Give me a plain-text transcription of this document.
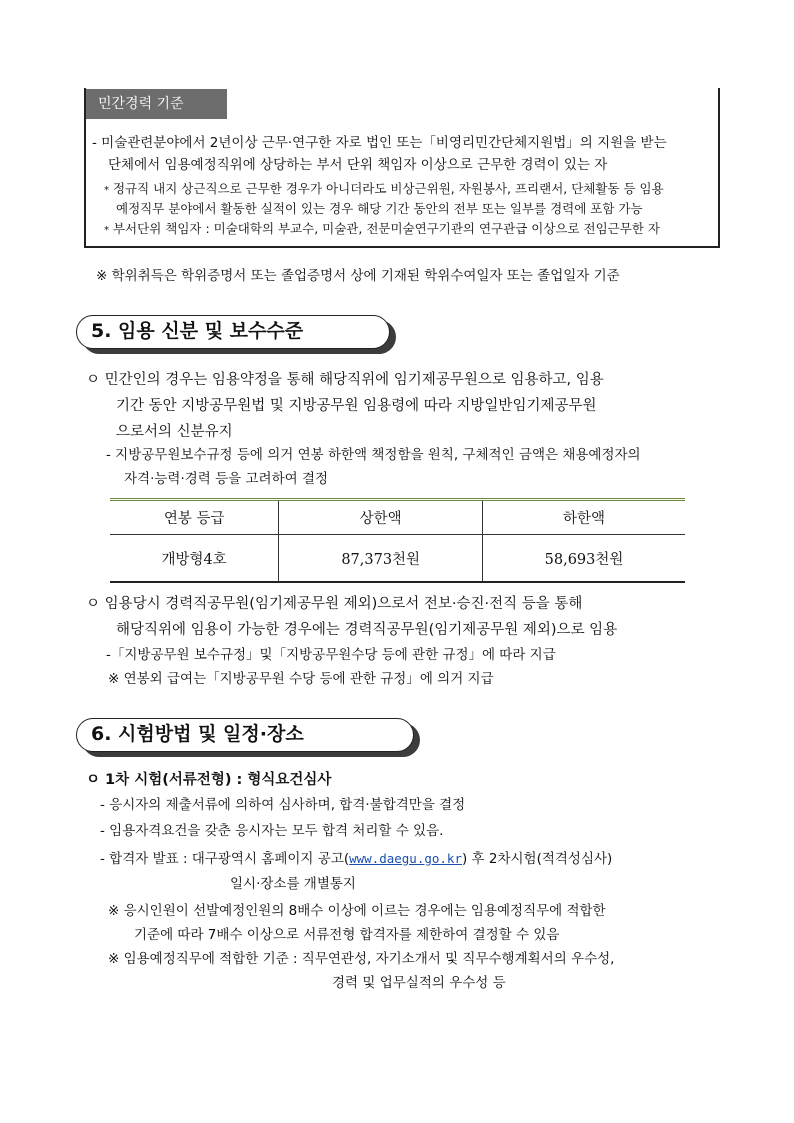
민간경력 기준
- 미술관련분야에서 2년이상 근무·연구한 자로 법인 또는「비영리민간단체지원법」의 지원을 받는
단체에서 임용예정직위에 상당하는 부서 단위 책임자 이상으로 근무한 경력이 있는 자
* 정규직 내지 상근직으로 근무한 경우가 아니더라도 비상근위원, 자원봉사, 프리랜서, 단체활동 등 임용
예정직무 분야에서 활동한 실적이 있는 경우 해당 기간 동안의 전부 또는 일부를 경력에 포함 가능
* 부서단위 책임자 : 미술대학의 부교수, 미술관, 전문미술연구기관의 연구관급 이상으로 전임근무한 자
※ 학위취득은 학위증명서 또는 졸업증명서 상에 기재된 학위수여일자 또는 졸업일자 기준
5. 임용 신분 및 보수수준
ㅇ 민간인의 경우는 임용약정을 통해 해당직위에 임기제공무원으로 임용하고, 임용
기간 동안 지방공무원법 및 지방공무원 임용령에 따라 지방일반임기제공무원
으로서의 신분유지
- 지방공무원보수규정 등에 의거 연봉 하한액 책정함을 원칙, 구체적인 금액은 채용예정자의
자격·능력·경력 등을 고려하여 결정
연봉 등급	상한액	하한액
개방형4호	87,373천원	58,693천원
ㅇ 임용당시 경력직공무원(임기제공무원 제외)으로서 전보·승진·전직 등을 통해
해당직위에 임용이 가능한 경우에는 경력직공무원(임기제공무원 제외)으로 임용
-「지방공무원 보수규정」및「지방공무원수당 등에 관한 규정」에 따라 지급
※ 연봉외 급여는「지방공무원 수당 등에 관한 규정」에 의거 지급
6. 시험방법 및 일정·장소
ㅇ 1차 시험(서류전형) : 형식요건심사
- 응시자의 제출서류에 의하여 심사하며, 합격·불합격만을 결정
- 임용자격요건을 갖춘 응시자는 모두 합격 처리할 수 있음.
- 합격자 발표 : 대구광역시 홈페이지 공고(www.daegu.go.kr) 후 2차시험(적격성심사)
일시·장소를 개별통지
※ 응시인원이 선발예정인원의 8배수 이상에 이르는 경우에는 임용예정직무에 적합한
기준에 따라 7배수 이상으로 서류전형 합격자를 제한하여 결정할 수 있음
※ 임용예정직무에 적합한 기준 : 직무연관성, 자기소개서 및 직무수행계획서의 우수성,
경력 및 업무실적의 우수성 등
